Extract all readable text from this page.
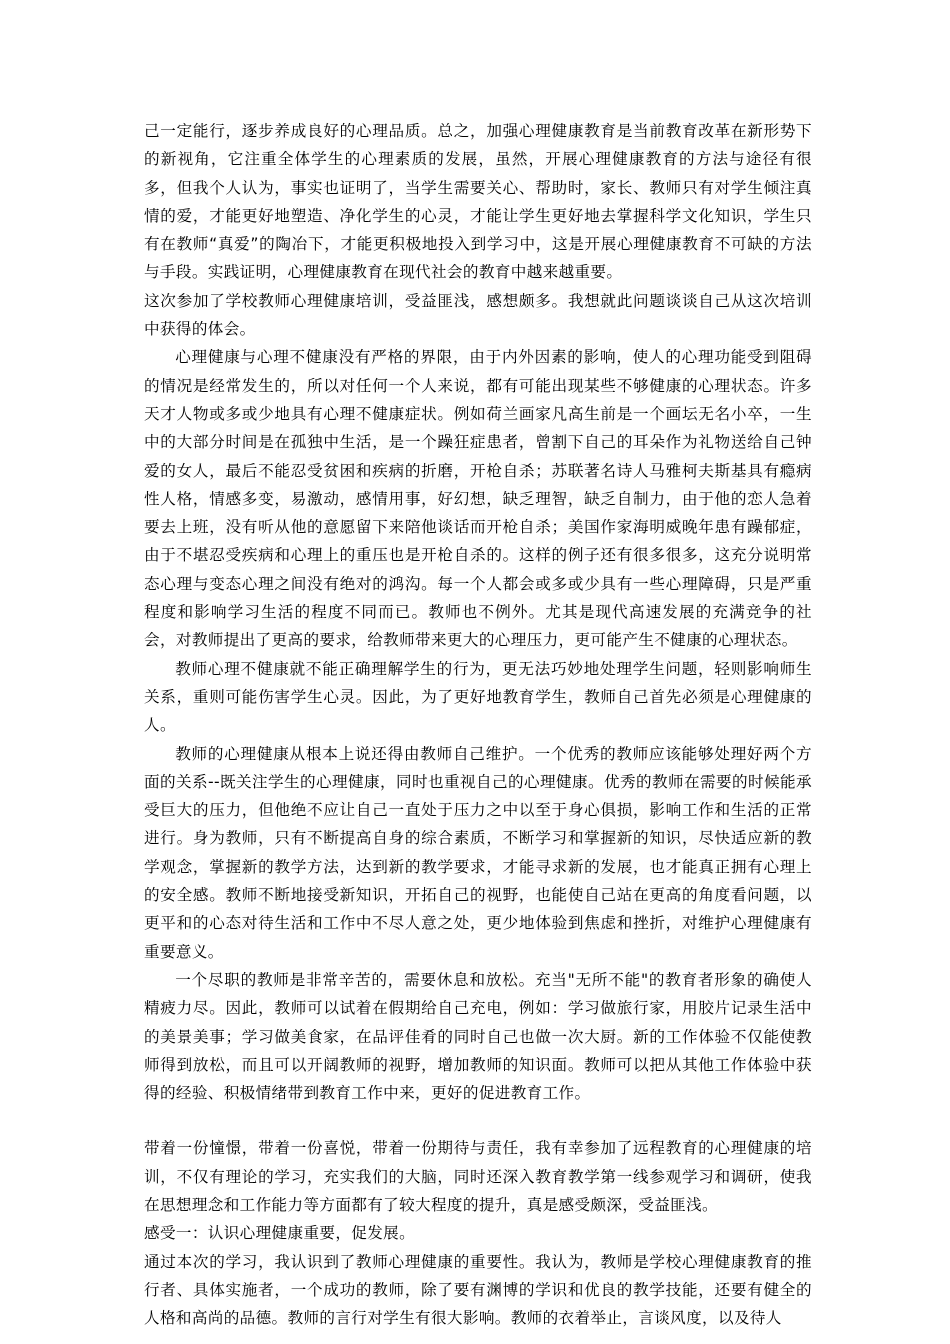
己一定能行，逐步养成良好的心理品质。总之，加强心理健康教育是当前教育改革在新形势下的新视角，它注重全体学生的心理素质的发展，虽然，开展心理健康教育的方法与途径有很多，但我个人认为，事实也证明了，当学生需要关心、帮助时，家长、教师只有对学生倾注真情的爱，才能更好地塑造、净化学生的心灵，才能让学生更好地去掌握科学文化知识，学生只有在教师“真爱”的陶冶下，才能更积极地投入到学习中，这是开展心理健康教育不可缺的方法与手段。实践证明，心理健康教育在现代社会的教育中越来越重要。

这次参加了学校教师心理健康培训，受益匪浅，感想颇多。我想就此问题谈谈自己从这次培训中获得的体会。

心理健康与心理不健康没有严格的界限，由于内外因素的影响，使人的心理功能受到阻碍的情况是经常发生的，所以对任何一个人来说，都有可能出现某些不够健康的心理状态。许多天才人物或多或少地具有心理不健康症状。例如荷兰画家凡高生前是一个画坛无名小卒，一生中的大部分时间是在孤独中生活，是一个躁狂症患者，曾割下自己的耳朵作为礼物送给自己钟爱的女人，最后不能忍受贫困和疾病的折磨，开枪自杀；苏联著名诗人马雅柯夫斯基具有瘾病性人格，情感多变，易激动，感情用事，好幻想，缺乏理智，缺乏自制力，由于他的恋人急着要去上班，没有听从他的意愿留下来陪他谈话而开枪自杀；美国作家海明威晚年患有躁郁症，由于不堪忍受疾病和心理上的重压也是开枪自杀的。这样的例子还有很多很多，这充分说明常态心理与变态心理之间没有绝对的鸿沟。每一个人都会或多或少具有一些心理障碍，只是严重程度和影响学习生活的程度不同而已。教师也不例外。尤其是现代高速发展的充满竞争的社会，对教师提出了更高的要求，给教师带来更大的心理压力，更可能产生不健康的心理状态。

教师心理不健康就不能正确理解学生的行为，更无法巧妙地处理学生问题，轻则影响师生关系，重则可能伤害学生心灵。因此，为了更好地教育学生，教师自己首先必须是心理健康的人。

教师的心理健康从根本上说还得由教师自己维护。一个优秀的教师应该能够处理好两个方面的关系--既关注学生的心理健康，同时也重视自己的心理健康。优秀的教师在需要的时候能承受巨大的压力，但他绝不应让自己一直处于压力之中以至于身心俱损，影响工作和生活的正常进行。身为教师，只有不断提高自身的综合素质，不断学习和掌握新的知识，尽快适应新的教学观念，掌握新的教学方法，达到新的教学要求，才能寻求新的发展，也才能真正拥有心理上的安全感。教师不断地接受新知识，开拓自己的视野，也能使自己站在更高的角度看问题，以更平和的心态对待生活和工作中不尽人意之处，更少地体验到焦虑和挫折，对维护心理健康有重要意义。

一个尽职的教师是非常辛苦的，需要休息和放松。充当"无所不能"的教育者形象的确使人精疲力尽。因此，教师可以试着在假期给自己充电，例如：学习做旅行家，用胶片记录生活中的美景美事；学习做美食家，在品评佳肴的同时自己也做一次大厨。新的工作体验不仅能使教师得到放松，而且可以开阔教师的视野，增加教师的知识面。教师可以把从其他工作体验中获得的经验、积极情绪带到教育工作中来，更好的促进教育工作。

带着一份憧憬，带着一份喜悦，带着一份期待与责任，我有幸参加了远程教育的心理健康的培训，不仅有理论的学习，充实我们的大脑，同时还深入教育教学第一线参观学习和调研，使我在思想理念和工作能力等方面都有了较大程度的提升，真是感受颇深，受益匪浅。

感受一：认识心理健康重要，促发展。

通过本次的学习，我认识到了教师心理健康的重要性。我认为，教师是学校心理健康教育的推行者、具体实施者，一个成功的教师，除了要有渊博的学识和优良的教学技能，还要有健全的人格和高尚的品德。教师的言行对学生有很大影响。教师的衣着举止，言谈风度，以及待人
